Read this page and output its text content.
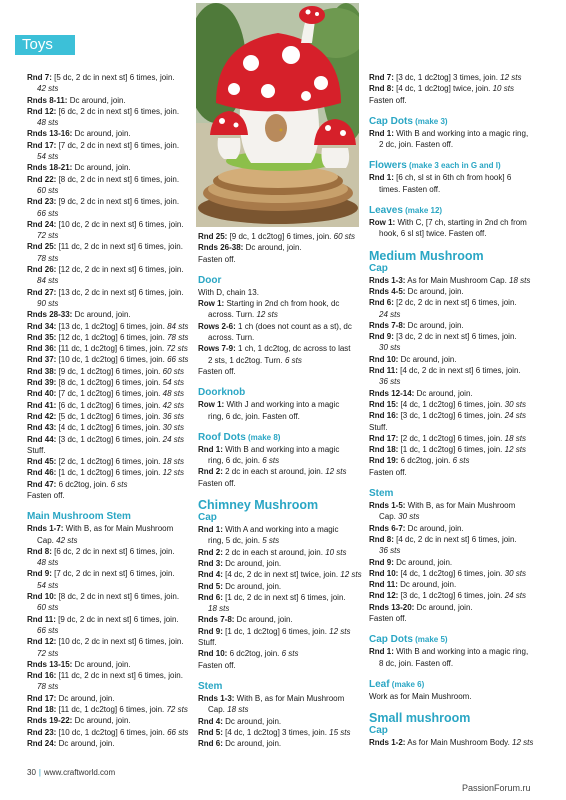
Toys
Rnd 7: [5 dc, 2 dc in next st] 6 times, join.
42 sts
Rnds 8-11: Dc around, join.
Rnd 12: [6 dc, 2 dc in next st] 6 times, join.
48 sts
Rnds 13-16: Dc around, join.
Rnd 17: [7 dc, 2 dc in next st] 6 times, join.
54 sts
Rnds 18-21: Dc around, join.
Rnd 22: [8 dc, 2 dc in next st] 6 times, join.
60 sts
Rnd 23: [9 dc, 2 dc in next st] 6 times, join.
66 sts
Rnd 24: [10 dc, 2 dc in next st] 6 times, join.
72 sts
Rnd 25: [11 dc, 2 dc in next st] 6 times, join.
78 sts
Rnd 26: [12 dc, 2 dc in next st] 6 times, join.
84 sts
Rnd 27: [13 dc, 2 dc in next st] 6 times, join.
90 sts
Rnds 28-33: Dc around, join.
Rnd 34: [13 dc, 1 dc2tog] 6 times, join. 84 sts
Rnd 35: [12 dc, 1 dc2tog] 6 times, join. 78 sts
Rnd 36: [11 dc, 1 dc2tog] 6 times, join. 72 sts
Rnd 37: [10 dc, 1 dc2tog] 6 times, join. 66 sts
Rnd 38: [9 dc, 1 dc2tog] 6 times, join. 60 sts
Rnd 39: [8 dc, 1 dc2tog] 6 times, join. 54 sts
Rnd 40: [7 dc, 1 dc2tog] 6 times, join. 48 sts
Rnd 41: [6 dc, 1 dc2tog] 6 times, join. 42 sts
Rnd 42: [5 dc, 1 dc2tog] 6 times, join. 36 sts
Rnd 43: [4 dc, 1 dc2tog] 6 times, join. 30 sts
Rnd 44: [3 dc, 1 dc2tog] 6 times, join. 24 sts
Stuff.
Rnd 45: [2 dc, 1 dc2tog] 6 times, join. 18 sts
Rnd 46: [1 dc, 1 dc2tog] 6 times, join. 12 sts
Rnd 47: 6 dc2tog, join. 6 sts
Fasten off.
Main Mushroom Stem
Rnds 1-7: With B, as for Main Mushroom
Cap. 42 sts
Rnd 8: [6 dc, 2 dc in next st] 6 times, join.
48 sts
Rnd 9: [7 dc, 2 dc in next st] 6 times, join.
54 sts
Rnd 10: [8 dc, 2 dc in next st] 6 times, join.
60 sts
Rnd 11: [9 dc, 2 dc in next st] 6 times, join.
66 sts
Rnd 12: [10 dc, 2 dc in next st] 6 times, join.
72 sts
Rnds 13-15: Dc around, join.
Rnd 16: [11 dc, 2 dc in next st] 6 times, join.
78 sts
Rnd 17: Dc around, join.
Rnd 18: [11 dc, 1 dc2tog] 6 times, join. 72 sts
Rnds 19-22: Dc around, join.
Rnd 23: [10 dc, 1 dc2tog] 6 times, join. 66 sts
Rnd 24: Dc around, join.
Rnd 25: [9 dc, 1 dc2tog] 6 times, join. 60 sts
Rnds 26-38: Dc around, join.
Fasten off.
Door
With D, chain 13.
Row 1: Starting in 2nd ch from hook, dc
across. Turn. 12 sts
Rows 2-6: 1 ch (does not count as a st), dc
across. Turn.
Rows 7-9: 1 ch, 1 dc2tog, dc across to last
2 sts, 1 dc2tog. Turn. 6 sts
Fasten off.
Doorknob
Row 1: With J and working into a magic
ring, 6 dc, join. Fasten off.
Roof Dots (make 8)
Rnd 1: With B and working into a magic
ring, 6 dc, join. 6 sts
Rnd 2: 2 dc in each st around, join. 12 sts
Fasten off.
Chimney Mushroom
Cap
Rnd 1: With A and working into a magic
ring, 5 dc, join. 5 sts
Rnd 2: 2 dc in each st around, join. 10 sts
Rnd 3: Dc around, join.
Rnd 4: [4 dc, 2 dc in next st] twice, join. 12 sts
Rnd 5: Dc around, join.
Rnd 6: [1 dc, 2 dc in next st] 6 times, join.
18 sts
Rnds 7-8: Dc around, join.
Rnd 9: [1 dc, 1 dc2tog] 6 times, join. 12 sts
Stuff.
Rnd 10: 6 dc2tog, join. 6 sts
Fasten off.
Stem
Rnds 1-3: With B, as for Main Mushroom
Cap. 18 sts
Rnd 4: Dc around, join.
Rnd 5: [4 dc, 1 dc2tog] 3 times, join. 15 sts
Rnd 6: Dc around, join.
Rnd 7: [3 dc, 1 dc2tog] 3 times, join. 12 sts
Rnd 8: [4 dc, 1 dc2tog] twice, join. 10 sts
Fasten off.
Cap Dots (make 3)
Rnd 1: With B and working into a magic ring,
2 dc, join. Fasten off.
Flowers (make 3 each in G and I)
Rnd 1: [6 ch, sl st in 6th ch from hook] 6
times. Fasten off.
Leaves (make 12)
Row 1: With C, [7 ch, starting in 2nd ch from
hook, 6 sl st] twice. Fasten off.
Medium Mushroom
Cap
Rnds 1-3: As for Main Mushroom Cap. 18 sts
Rnds 4-5: Dc around, join.
Rnd 6: [2 dc, 2 dc in next st] 6 times, join.
24 sts
Rnds 7-8: Dc around, join.
Rnd 9: [3 dc, 2 dc in next st] 6 times, join.
30 sts
Rnd 10: Dc around, join.
Rnd 11: [4 dc, 2 dc in next st] 6 times, join.
36 sts
Rnds 12-14: Dc around, join.
Rnd 15: [4 dc, 1 dc2tog] 6 times, join. 30 sts
Rnd 16: [3 dc, 1 dc2tog] 6 times, join. 24 sts
Stuff.
Rnd 17: [2 dc, 1 dc2tog] 6 times, join. 18 sts
Rnd 18: [1 dc, 1 dc2tog] 6 times, join. 12 sts
Rnd 19: 6 dc2tog, join. 6 sts
Fasten off.
Stem
Rnds 1-5: With B, as for Main Mushroom
Cap. 30 sts
Rnds 6-7: Dc around, join.
Rnd 8: [4 dc, 2 dc in next st] 6 times, join.
36 sts
Rnd 9: Dc around, join.
Rnd 10: [4 dc, 1 dc2tog] 6 times, join. 30 sts
Rnd 11: Dc around, join.
Rnd 12: [3 dc, 1 dc2tog] 6 times, join. 24 sts
Rnds 13-20: Dc around, join.
Fasten off.
Cap Dots (make 5)
Rnd 1: With B and working into a magic ring,
8 dc, join. Fasten off.
Leaf (make 6)
Work as for Main Mushroom.
Small mushroom
Cap
Rnds 1-2: As for Main Mushroom Body. 12 sts
30 | www.craftworld.com
PassionForum.ru
